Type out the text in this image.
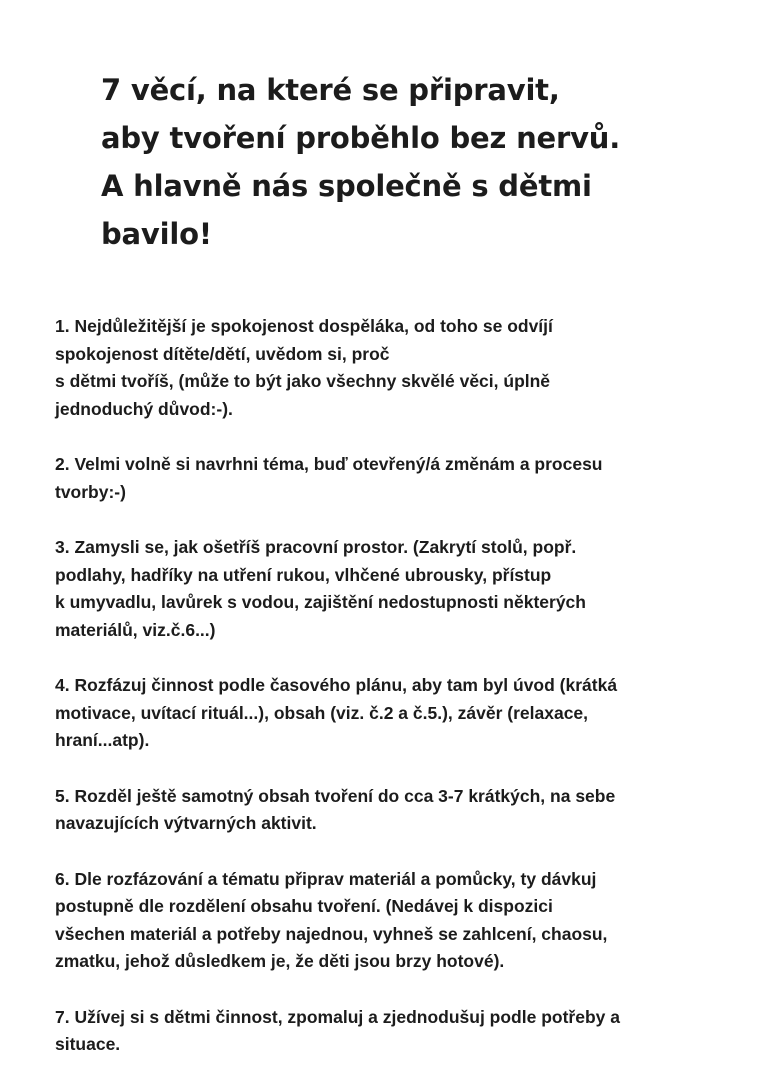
7 věcí, na které se připravit,
aby tvoření proběhlo bez nervů.
A hlavně nás společně s dětmi
bavilo!
1. Nejdůležitější je spokojenost dospěláka, od toho se odvíjí
spokojenost dítěte/dětí, uvědom si, proč
s dětmi tvoříš, (může to být jako všechny skvělé věci, úplně
jednoduchý důvod:-).
2. Velmi volně si navrhni téma, buď otevřený/á změnám a procesu
tvorby:-)
3. Zamysli se, jak ošetříš pracovní prostor. (Zakrytí stolů, popř.
podlahy, hadříky na utření rukou, vlhčené ubrousky, přístup
k umyvadlu, lavůrek s vodou, zajištění nedostupnosti některých
materiálů, viz.č.6...)
4. Rozfázuj činnost podle časového plánu, aby tam byl úvod (krátká
motivace, uvítací rituál...), obsah (viz. č.2 a č.5.), závěr (relaxace,
hraní...atp).
5. Rozděl ještě samotný obsah tvoření do cca 3-7 krátkých, na sebe
navazujících výtvarných aktivit.
6. Dle rozfázování a tématu připrav materiál a pomůcky, ty dávkuj
postupně dle rozdělení obsahu tvoření. (Nedávej k dispozici
všechen materiál a potřeby najednou, vyhneš se zahlcení, chaosu,
zmatku, jehož důsledkem je, že děti jsou brzy hotové).
7. Užívej si s dětmi činnost, zpomaluj a zjednodušuj podle potřeby a
situace.
